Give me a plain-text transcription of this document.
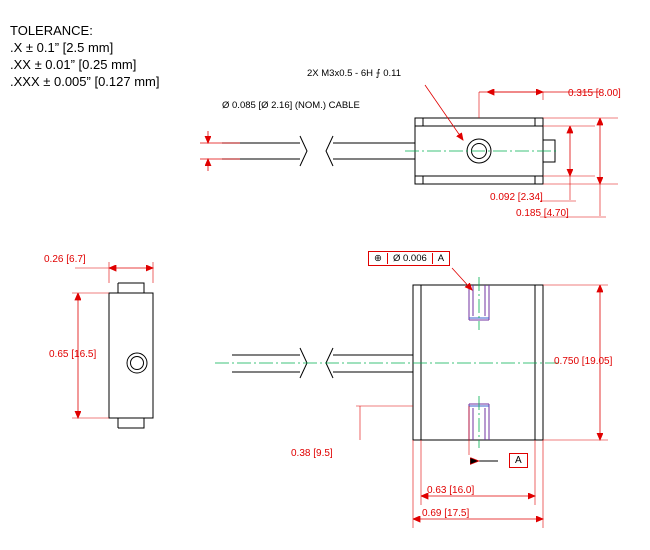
TOLERANCE:
.X ± 0.1” [2.5 mm]
.XX ± 0.01” [0.25 mm]
.XXX ± 0.005” [0.127 mm]
2X M3x0.5 - 6H ⨍ 0.11
Ø 0.085 [Ø 2.16] (NOM.) CABLE
0.315 [8.00]
0.092 [2.34]
0.185 [4.70]
0.26 [6.7]
0.65 [16.5]
0.750 [19.05]
0.38 [9.5]
0.63 [16.0]
0.69 [17.5]
⊕ Ø 0.006 A
A
